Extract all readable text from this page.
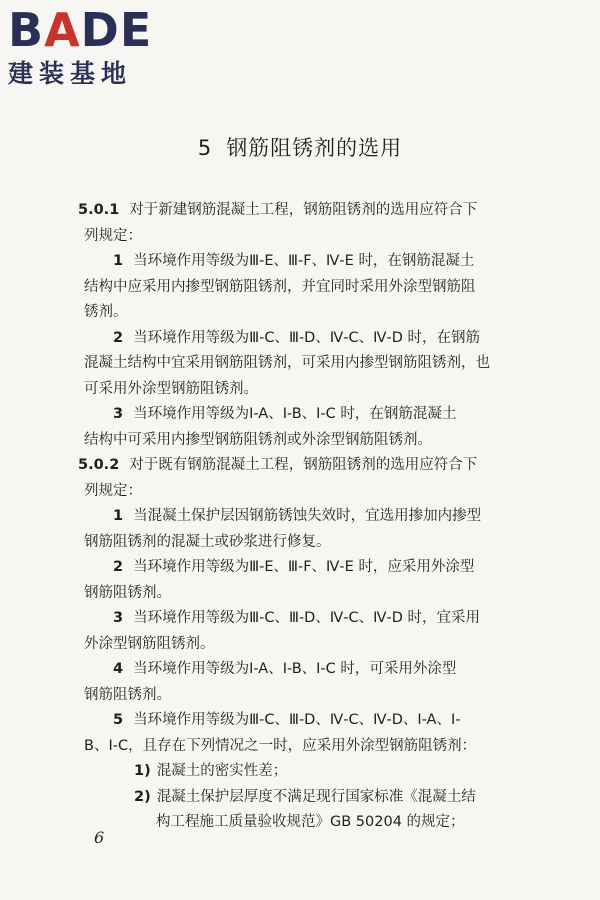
BADE
建装基地
5 钢筋阻锈剂的选用

5.0.1 对于新建钢筋混凝土工程，钢筋阻锈剂的选用应符合下

列规定：

1 当环境作用等级为Ⅲ-E、Ⅲ-F、Ⅳ-E 时，在钢筋混凝土

结构中应采用内掺型钢筋阻锈剂，并宜同时采用外涂型钢筋阻

锈剂。

2 当环境作用等级为Ⅲ-C、Ⅲ-D、Ⅳ-C、Ⅳ-D 时，在钢筋

混凝土结构中宜采用钢筋阻锈剂，可采用内掺型钢筋阻锈剂，也

可采用外涂型钢筋阻锈剂。

3 当环境作用等级为Ⅰ-A、Ⅰ-B、Ⅰ-C 时，在钢筋混凝土

结构中可采用内掺型钢筋阻锈剂或外涂型钢筋阻锈剂。

5.0.2 对于既有钢筋混凝土工程，钢筋阻锈剂的选用应符合下

列规定：

1 当混凝土保护层因钢筋锈蚀失效时，宜选用掺加内掺型

钢筋阻锈剂的混凝土或砂浆进行修复。

2 当环境作用等级为Ⅲ-E、Ⅲ-F、Ⅳ-E 时，应采用外涂型

钢筋阻锈剂。

3 当环境作用等级为Ⅲ-C、Ⅲ-D、Ⅳ-C、Ⅳ-D 时，宜采用

外涂型钢筋阻锈剂。

4 当环境作用等级为Ⅰ-A、Ⅰ-B、Ⅰ-C 时，可采用外涂型

钢筋阻锈剂。

5 当环境作用等级为Ⅲ-C、Ⅲ-D、Ⅳ-C、Ⅳ-D、Ⅰ-A、Ⅰ-

B、Ⅰ-C，且存在下列情况之一时，应采用外涂型钢筋阻锈剂：

1) 混凝土的密实性差；

2) 混凝土保护层厚度不满足现行国家标准《混凝土结

构工程施工质量验收规范》GB 50204 的规定；

6
